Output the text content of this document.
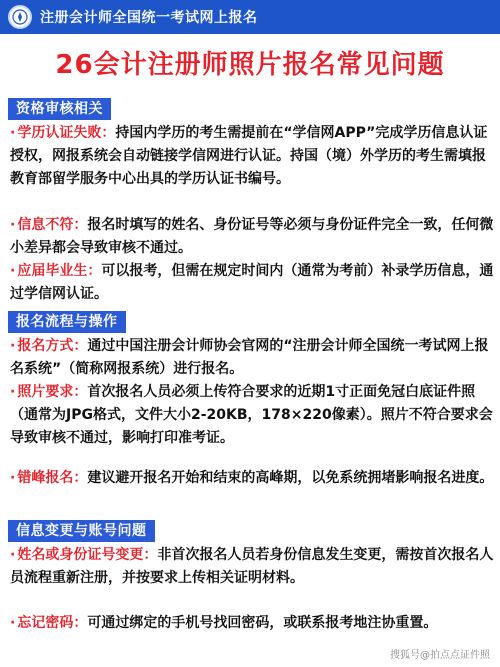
注册会计师全国统一考试网上报名
26会计注册师照片报名常见问题
资格审核相关
· 学历认证失败：持国内学历的考生需提前在“学信网APP”完成学历信息认证授权，网报系统会自动链接学信网进行认证。持国（境）外学历的考生需填报教育部留学服务中心出具的学历认证书编号。
· 信息不符：报名时填写的姓名、身份证号等必须与身份证件完全一致，任何微小差异都会导致审核不通过。
· 应届毕业生：可以报考，但需在规定时间内（通常为考前）补录学历信息，通过学信网认证。
报名流程与操作
· 报名方式：通过中国注册会计师协会官网的“注册会计师全国统一考试网上报名系统”（简称网报系统）进行报名。
· 照片要求：首次报名人员必须上传符合要求的近期1寸正面免冠白底证件照（通常为JPG格式，文件大小2-20KB，178×220像素）。照片不符合要求会导致审核不通过，影响打印准考证。
· 错峰报名：建议避开报名开始和结束的高峰期，以免系统拥堵影响报名进度。
信息变更与账号问题
· 姓名或身份证号变更：非首次报名人员若身份信息发生变更，需按首次报名人员流程重新注册，并按要求上传相关证明材料。
· 忘记密码：可通过绑定的手机号找回密码，或联系报考地注协重置。
搜狐号@拍点点证件照
